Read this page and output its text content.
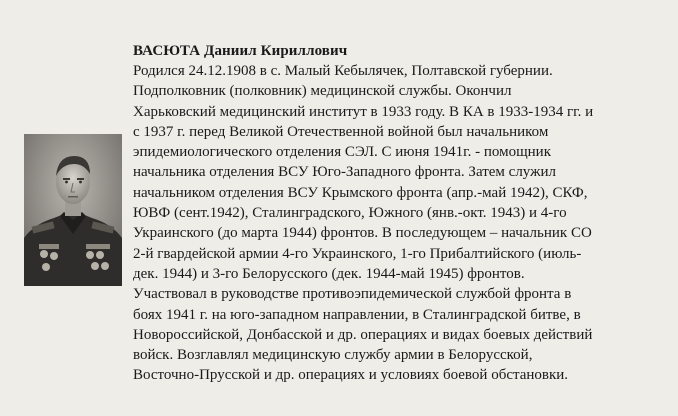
ВАСЮТА Даниил Кириллович
Родился 24.12.1908 в с. Малый Кебылячек, Полтавской губернии.
Подполковник (полковник) медицинской службы. Окончил
Харьковский медицинский институт в 1933 году. В КА в 1933-1934 гг. и
с 1937 г. перед Великой Отечественной войной был начальником
эпидемиологического отделения СЭЛ. С июня 1941г. - помощник
начальника отделения ВСУ Юго-Западного фронта. Затем служил
начальником отделения ВСУ Крымского фронта (апр.-май 1942), СКФ,
ЮВФ (сент.1942), Сталинградского, Южного (янв.-окт. 1943) и 4-го
Украинского (до марта 1944) фронтов. В последующем – начальник СО
2-й гвардейской армии 4-го Украинского, 1-го Прибалтийского (июль-
дек. 1944) и 3-го Белорусского (дек. 1944-май 1945) фронтов.
Участвовал в руководстве противоэпидемической службой фронта в
боях 1941 г. на юго-западном направлении, в Сталинградской битве, в
Новороссийской, Донбасской и др. операциях и видах боевых действий
войск. Возглавлял медицинскую службу армии в Белорусской,
Восточно-Прусской и др. операциях и условиях боевой обстановки.
